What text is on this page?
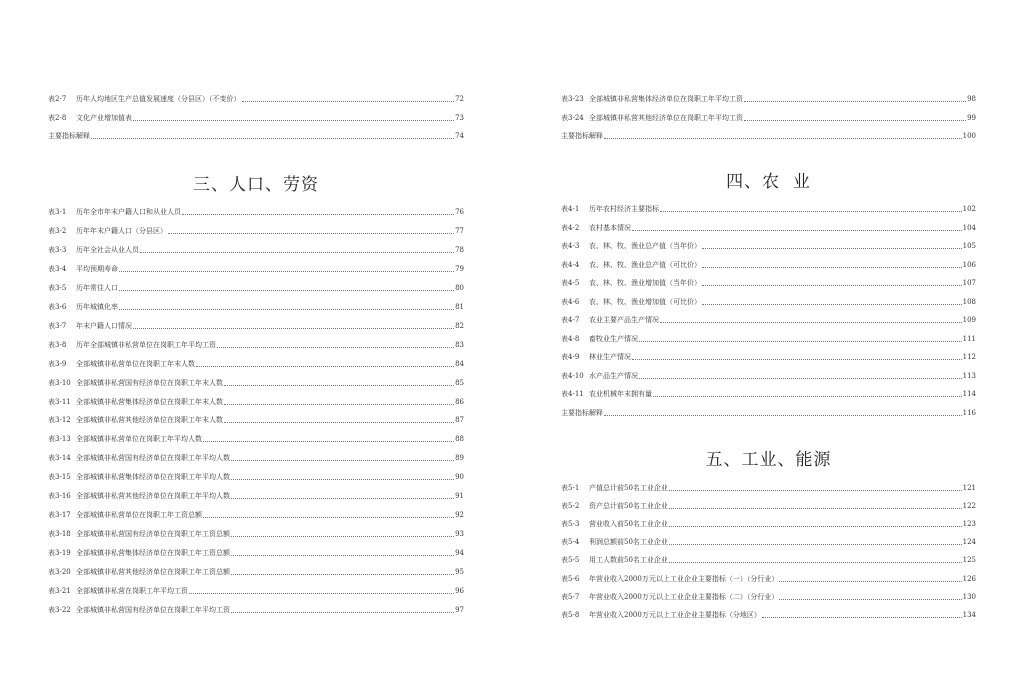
表2-7	历年人均地区生产总值发展速度（分县区）（不变价）	72
表2-8	文化产业增加值表	73
主要指标解释	74
三、人口、劳资
表3-1	历年全市年末户籍人口和从业人员	76
表3-2	历年年末户籍人口（分县区）	77
表3-3	历年全社会从业人员	78
表3-4	平均预期寿命	79
表3-5	历年常住人口	80
表3-6	历年城镇化率	81
表3-7	年末户籍人口情况	82
表3-8	历年全部城镇非私营单位在岗职工年平均工资	83
表3-9	全部城镇非私营单位在岗职工年末人数	84
表3-10 全部城镇非私营国有经济单位在岗职工年末人数	85
表3-11 全部城镇非私营集体经济单位在岗职工年末人数	86
表3-12 全部城镇非私营其他经济单位在岗职工年末人数	87
表3-13 全部城镇非私营单位在岗职工年平均人数	88
表3-14 全部城镇非私营国有经济单位在岗职工年平均人数	89
表3-15 全部城镇非私营集体经济单位在岗职工年平均人数	90
表3-16 全部城镇非私营其他经济单位在岗职工年平均人数	91
表3-17 全部城镇非私营单位在岗职工年工资总额	92
表3-18 全部城镇非私营国有经济单位在岗职工年工资总额	93
表3-19 全部城镇非私营集体经济单位在岗职工年工资总额	94
表3-20 全部城镇非私营其他经济单位在岗职工年工资总额	95
表3-21 全部城镇非私营在岗职工年平均工资	96
表3-22 全部城镇非私营国有经济单位在岗职工年平均工资	97
表3-23 全部城镇非私营集体经济单位在岗职工年平均工资	98
表3-24 全部城镇非私营其他经济单位在岗职工年平均工资	99
主要指标解释	100
四、农  业
表4-1	历年农村经济主要指标	102
表4-2	农村基本情况	104
表4-3	农、林、牧、渔业总产值（当年价）	105
表4-4	农、林、牧、渔业总产值（可比价）	106
表4-5	农、林、牧、渔业增加值（当年价）	107
表4-6	农、林、牧、渔业增加值（可比价）	108
表4-7	农业主要产品生产情况	109
表4-8	畜牧业生产情况	111
表4-9	林业生产情况	112
表4-10 水产品生产情况	113
表4-11 农业机械年末拥有量	114
主要指标解释	116
五、工业、能源
表5-1	产值总计前50名工业企业	121
表5-2	资产总计前50名工业企业	122
表5-3	营业收入前50名工业企业	123
表5-4	利润总额前50名工业企业	124
表5-5	用工人数前50名工业企业	125
表5-6	年营业收入2000万元以上工业企业主要指标（一）（分行业）	126
表5-7	年营业收入2000万元以上工业企业主要指标（二）（分行业）	130
表5-8	年营业收入2000万元以上工业企业主要指标（分地区）	134
